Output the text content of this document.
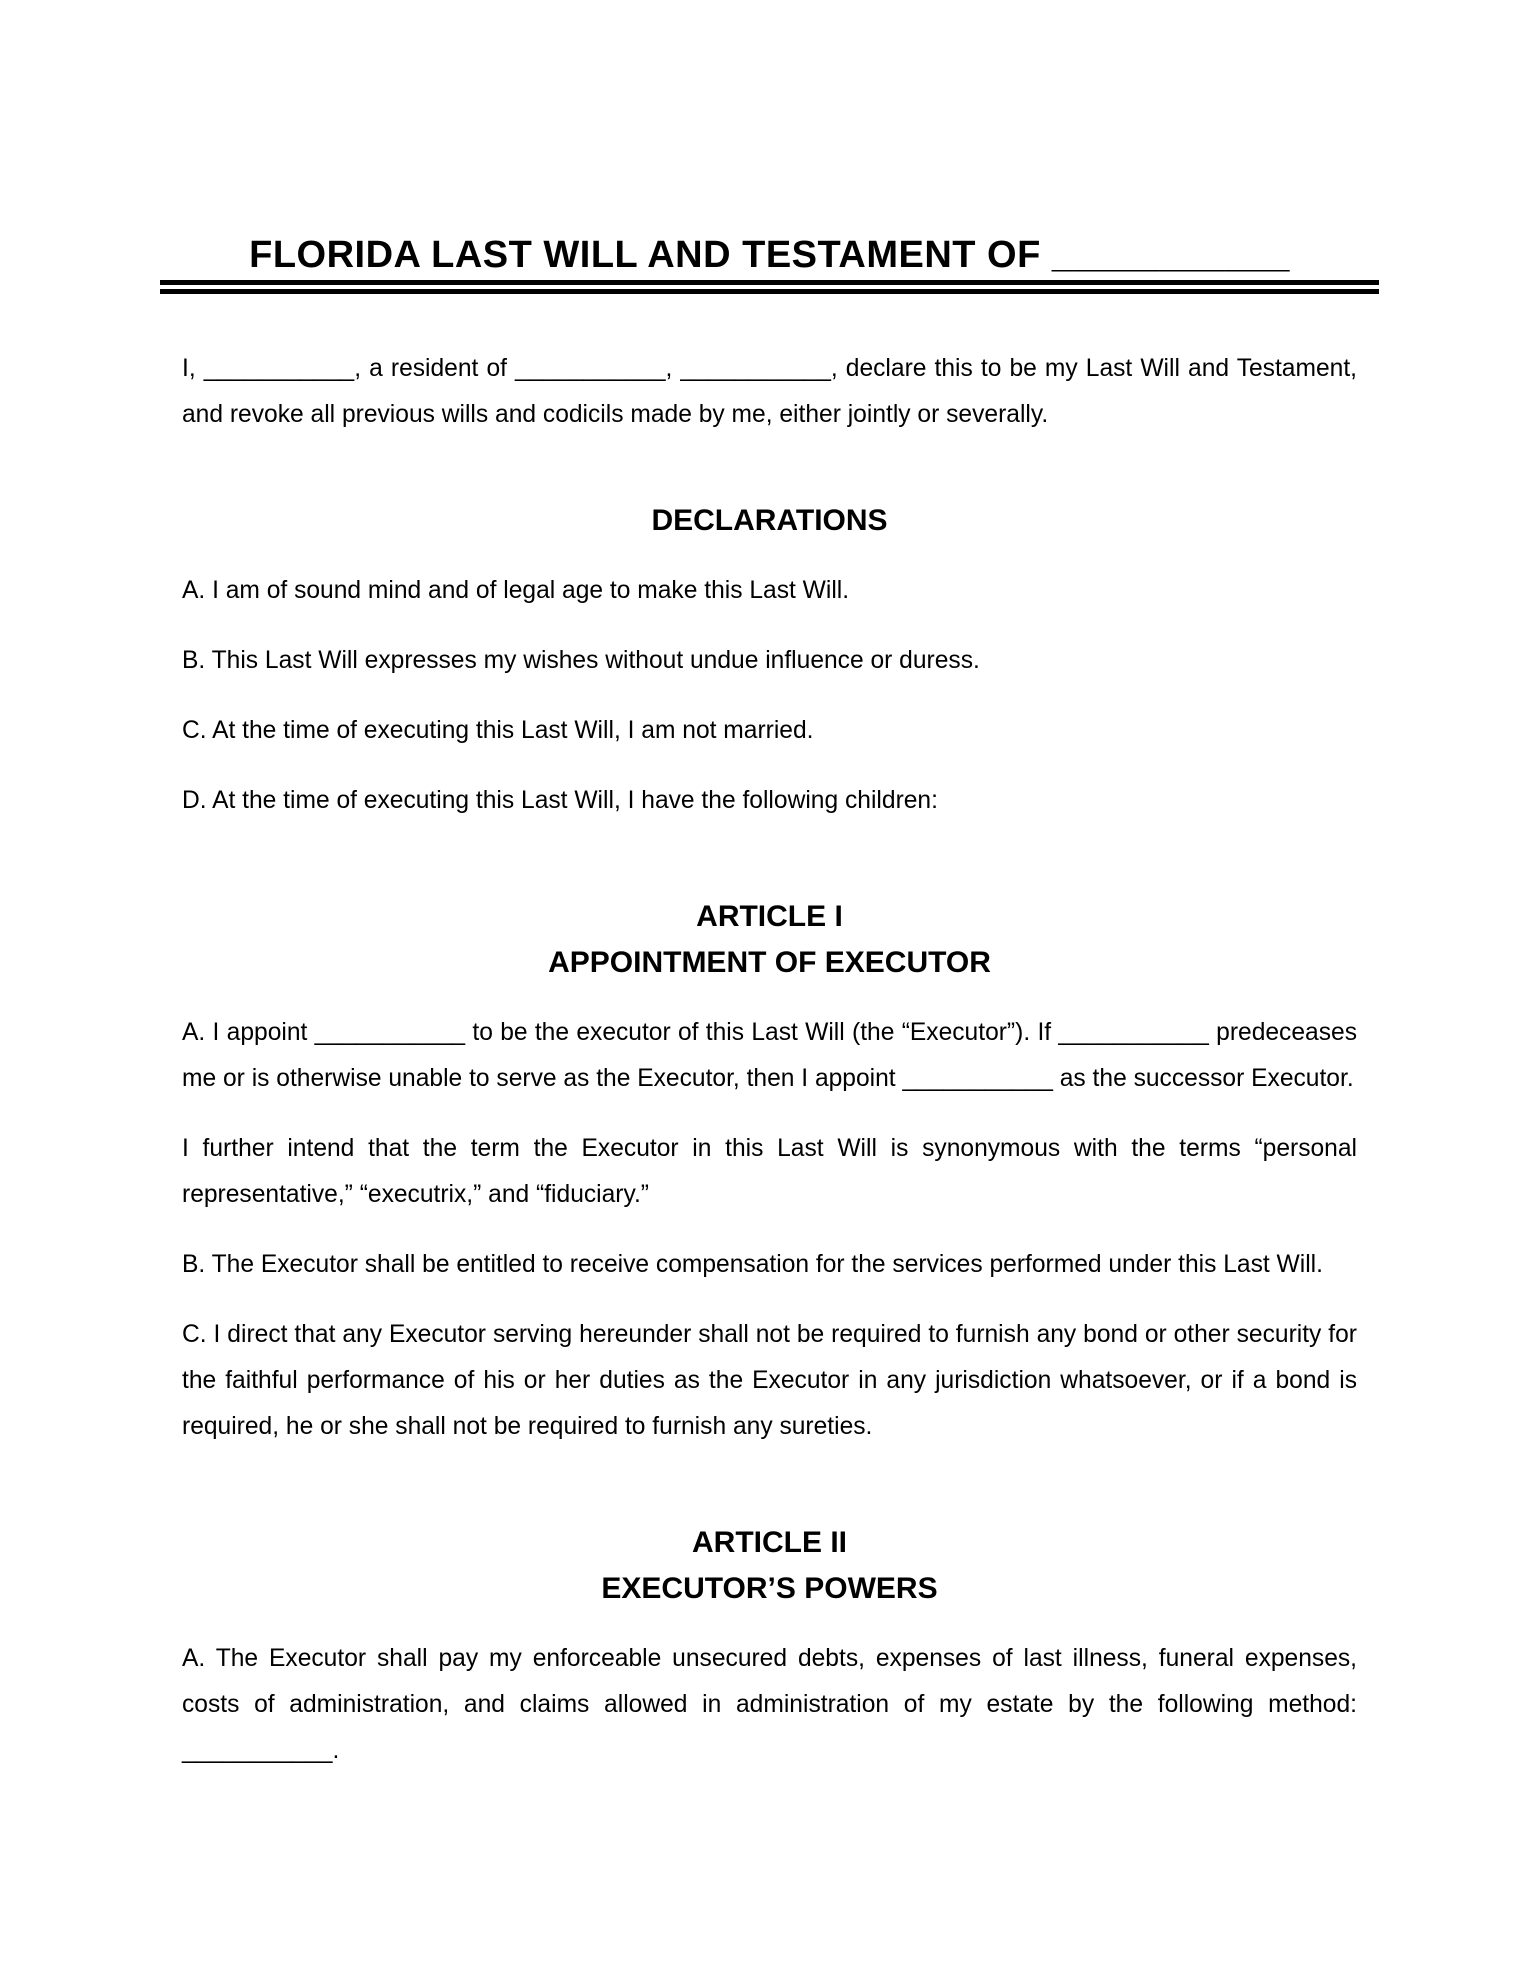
FLORIDA LAST WILL AND TESTAMENT OF ___________

I, ___________, a resident of ___________, ___________, declare this to be my Last Will and Testament, and revoke all previous wills and codicils made by me, either jointly or severally.

DECLARATIONS

A. I am of sound mind and of legal age to make this Last Will.

B. This Last Will expresses my wishes without undue influence or duress.

C. At the time of executing this Last Will, I am not married.

D. At the time of executing this Last Will, I have the following children:

ARTICLE I
APPOINTMENT OF EXECUTOR

A. I appoint ___________ to be the executor of this Last Will (the “Executor”). If ___________ predeceases me or is otherwise unable to serve as the Executor, then I appoint ___________ as the successor Executor.

I further intend that the term the Executor in this Last Will is synonymous with the terms “personal representative,” “executrix,” and “fiduciary.”

B. The Executor shall be entitled to receive compensation for the services performed under this Last Will.

C. I direct that any Executor serving hereunder shall not be required to furnish any bond or other security for the faithful performance of his or her duties as the Executor in any jurisdiction whatsoever, or if a bond is required, he or she shall not be required to furnish any sureties.

ARTICLE II
EXECUTOR’S POWERS

A. The Executor shall pay my enforceable unsecured debts, expenses of last illness, funeral expenses, costs of administration, and claims allowed in administration of my estate by the following method: ___________.
